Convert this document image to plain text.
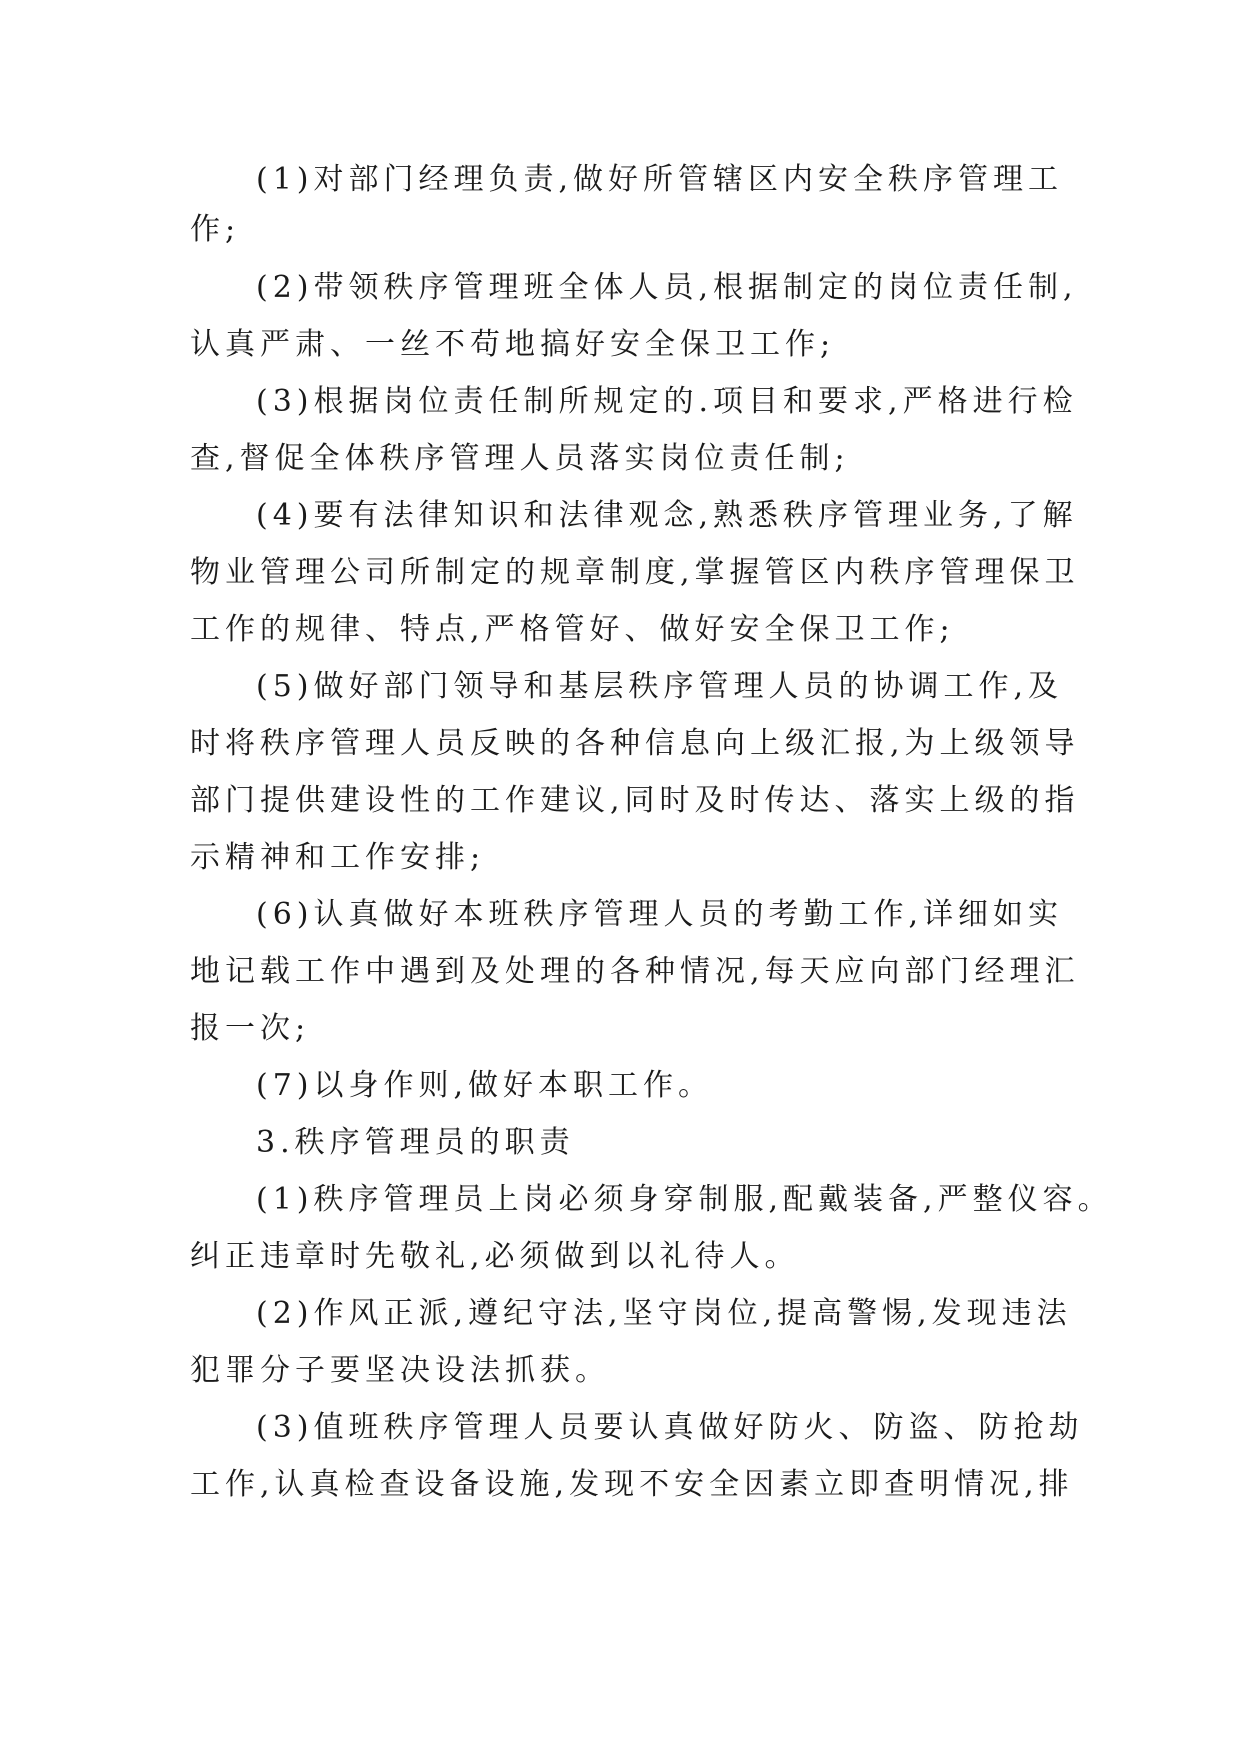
(1)对部门经理负责,做好所管辖区内安全秩序管理工
作;
(2)带领秩序管理班全体人员,根据制定的岗位责任制,
认真严肃、一丝不苟地搞好安全保卫工作;
(3)根据岗位责任制所规定的.项目和要求,严格进行检
查,督促全体秩序管理人员落实岗位责任制;
(4)要有法律知识和法律观念,熟悉秩序管理业务,了解
物业管理公司所制定的规章制度,掌握管区内秩序管理保卫
工作的规律、特点,严格管好、做好安全保卫工作;
(5)做好部门领导和基层秩序管理人员的协调工作,及
时将秩序管理人员反映的各种信息向上级汇报,为上级领导
部门提供建设性的工作建议,同时及时传达、落实上级的指
示精神和工作安排;
(6)认真做好本班秩序管理人员的考勤工作,详细如实
地记载工作中遇到及处理的各种情况,每天应向部门经理汇
报一次;
(7)以身作则,做好本职工作。
3.秩序管理员的职责
(1)秩序管理员上岗必须身穿制服,配戴装备,严整仪容。
纠正违章时先敬礼,必须做到以礼待人。
(2)作风正派,遵纪守法,坚守岗位,提高警惕,发现违法
犯罪分子要坚决设法抓获。
(3)值班秩序管理人员要认真做好防火、防盗、防抢劫
工作,认真检查设备设施,发现不安全因素立即查明情况,排
